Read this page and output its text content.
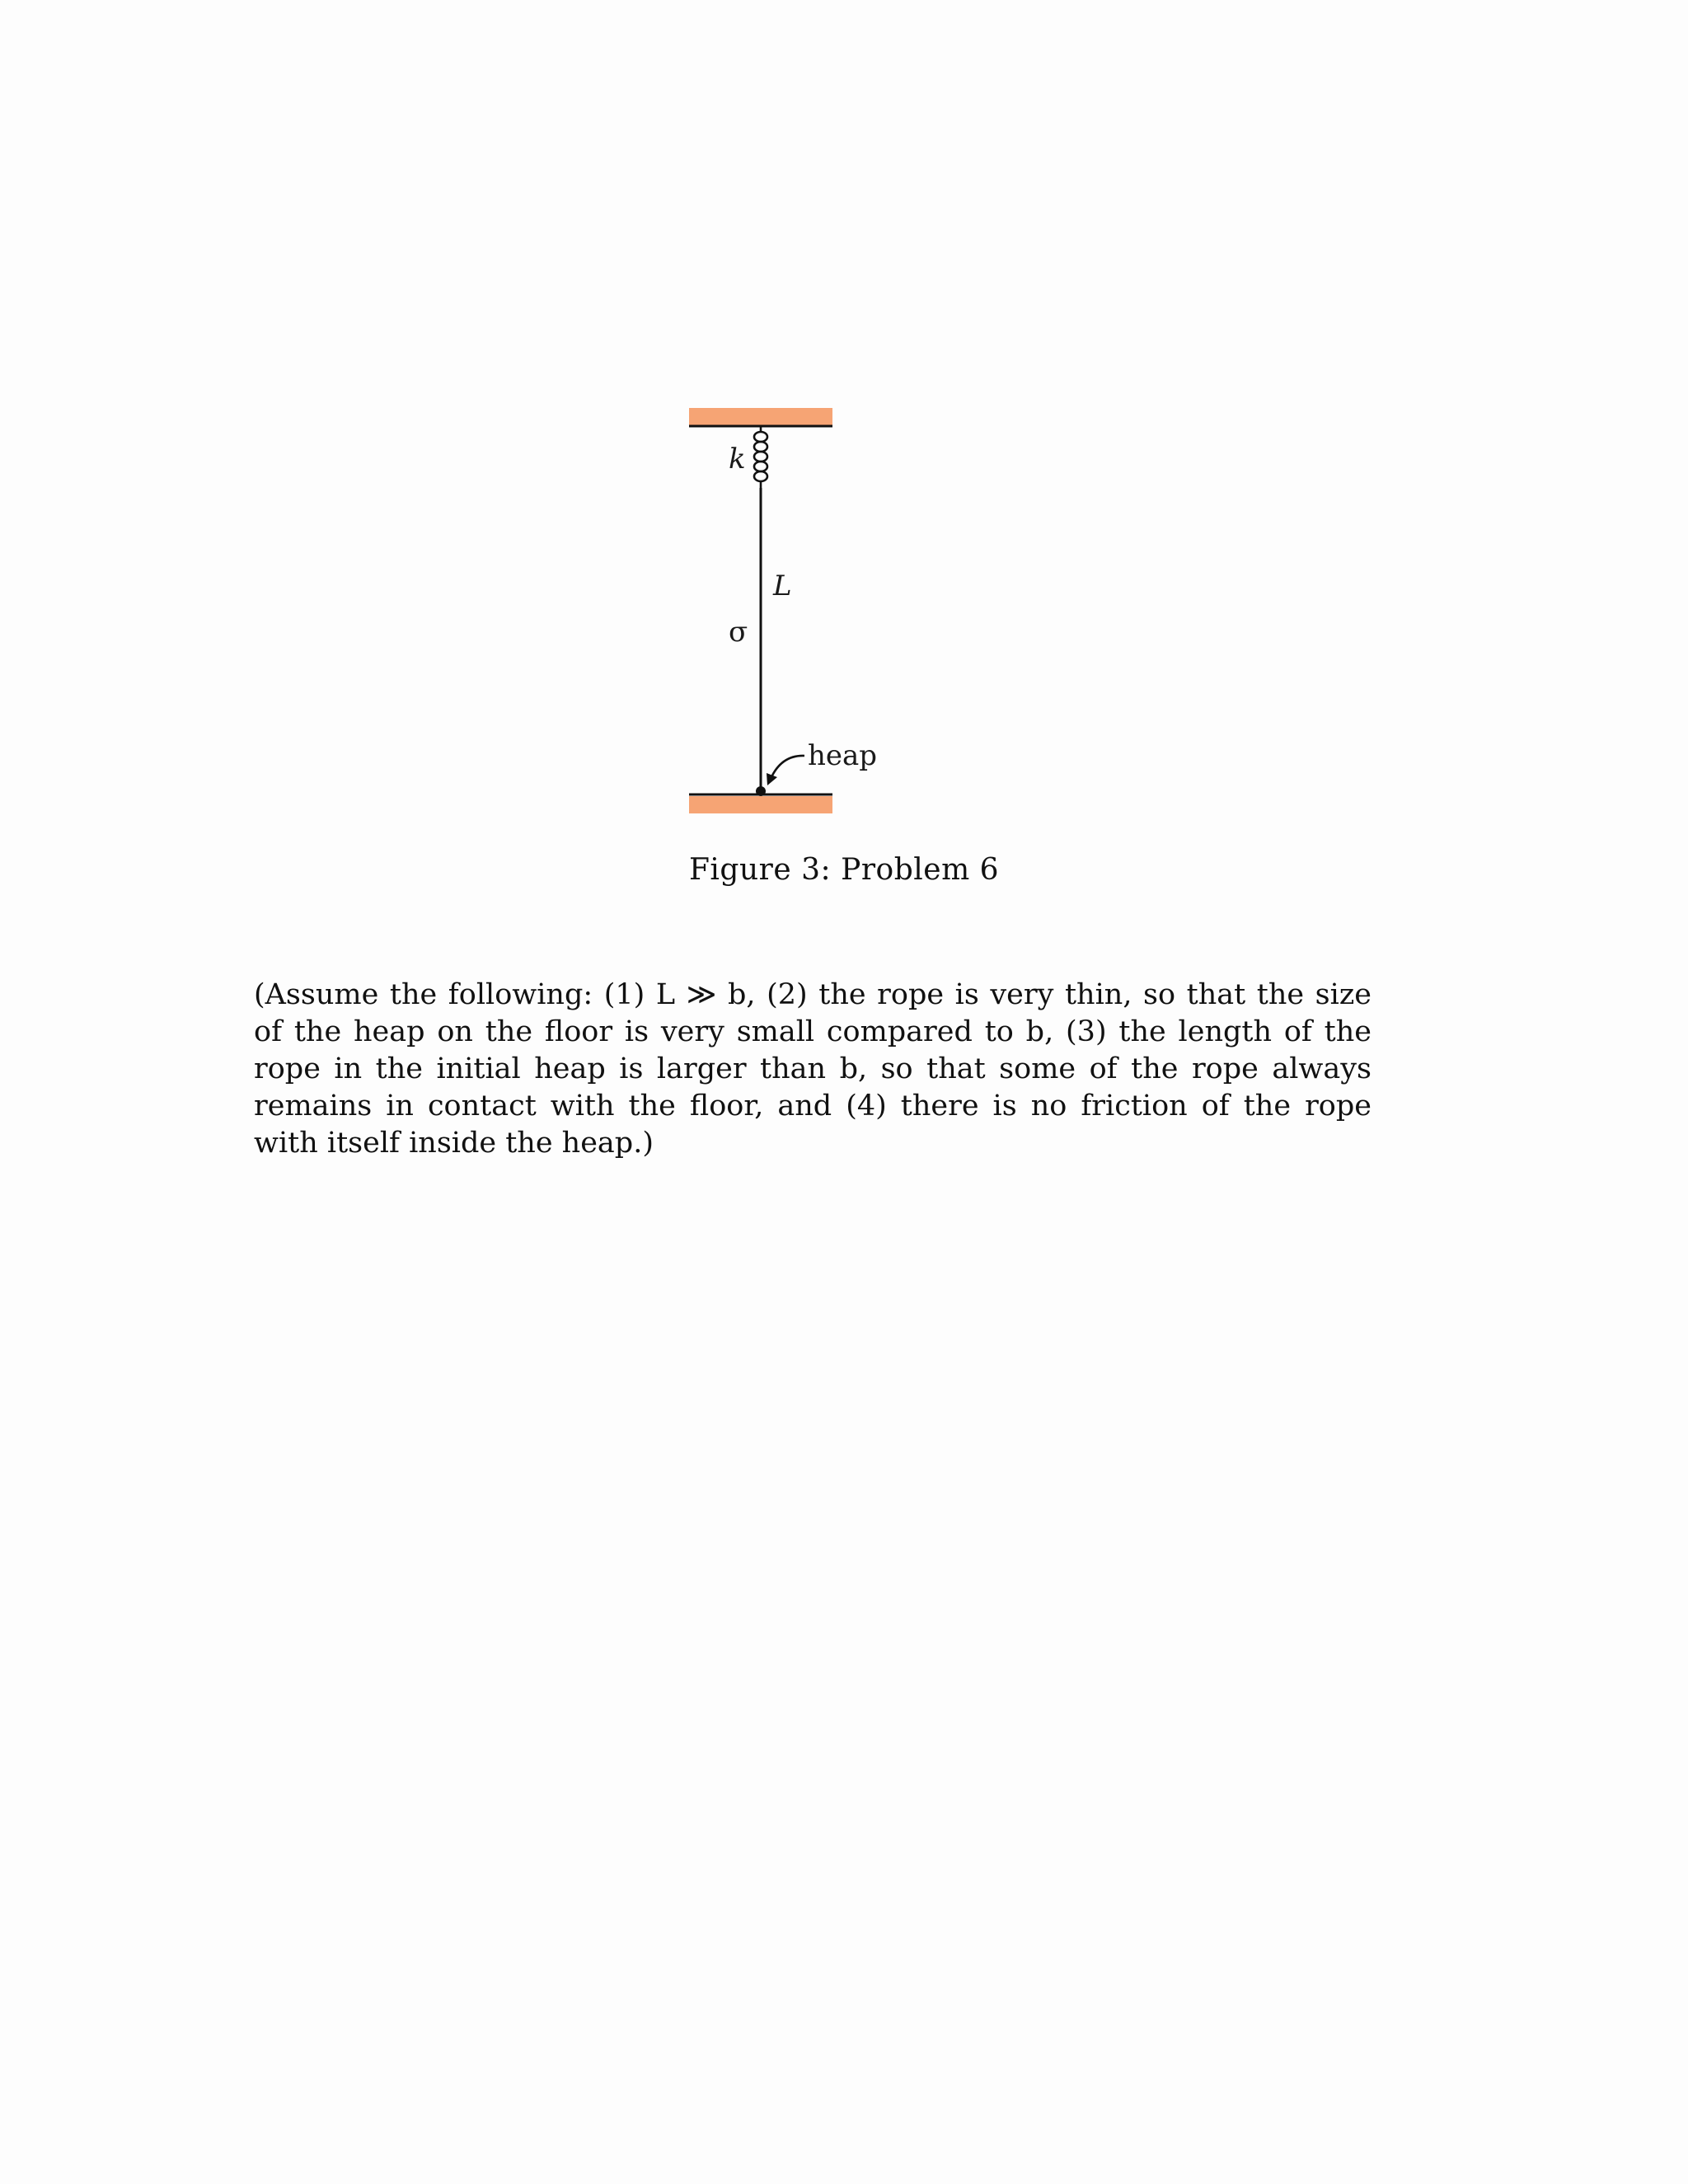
k
L
σ
heap
Figure 3: Problem 6
(Assume the following: (1) L ≫ b, (2) the rope is very thin, so that the size of the heap on the floor is very small compared to b, (3) the length of the rope in the initial heap is larger than b, so that some of the rope always remains in contact with the floor, and (4) there is no friction of the rope with itself inside the heap.)
